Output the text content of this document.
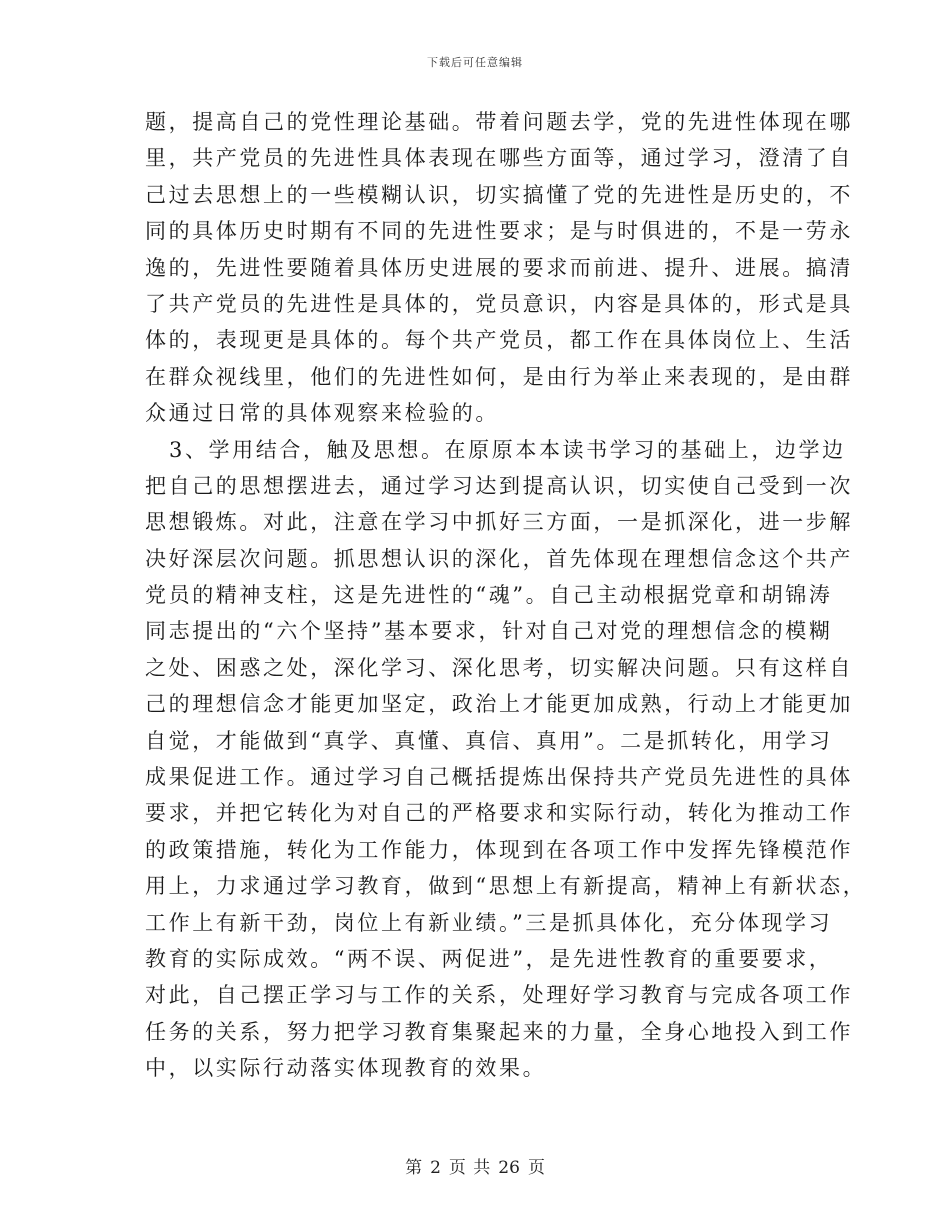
下载后可任意编辑
题，提高自己的党性理论基础。带着问题去学，党的先进性体现在哪
里，共产党员的先进性具体表现在哪些方面等，通过学习，澄清了自
己过去思想上的一些模糊认识，切实搞懂了党的先进性是历史的，不
同的具体历史时期有不同的先进性要求；是与时俱进的，不是一劳永
逸的，先进性要随着具体历史进展的要求而前进、提升、进展。搞清
了共产党员的先进性是具体的，党员意识，内容是具体的，形式是具
体的，表现更是具体的。每个共产党员，都工作在具体岗位上、生活
在群众视线里，他们的先进性如何，是由行为举止来表现的，是由群
众通过日常的具体观察来检验的。
3、学用结合，触及思想。在原原本本读书学习的基础上，边学边
把自己的思想摆进去，通过学习达到提高认识，切实使自己受到一次
思想锻炼。对此，注意在学习中抓好三方面，一是抓深化，进一步解
决好深层次问题。抓思想认识的深化，首先体现在理想信念这个共产
党员的精神支柱，这是先进性的“魂”。自己主动根据党章和胡锦涛
同志提出的“六个坚持”基本要求，针对自己对党的理想信念的模糊
之处、困惑之处，深化学习、深化思考，切实解决问题。只有这样自
己的理想信念才能更加坚定，政治上才能更加成熟，行动上才能更加
自觉，才能做到“真学、真懂、真信、真用”。二是抓转化，用学习
成果促进工作。通过学习自己概括提炼出保持共产党员先进性的具体
要求，并把它转化为对自己的严格要求和实际行动，转化为推动工作
的政策措施，转化为工作能力，体现到在各项工作中发挥先锋模范作
用上，力求通过学习教育，做到“思想上有新提高，精神上有新状态，
工作上有新干劲，岗位上有新业绩。”三是抓具体化，充分体现学习
教育的实际成效。“两不误、两促进”，是先进性教育的重要要求，
对此，自己摆正学习与工作的关系，处理好学习教育与完成各项工作
任务的关系，努力把学习教育集聚起来的力量，全身心地投入到工作
中，以实际行动落实体现教育的效果。
第 2 页 共 26 页
